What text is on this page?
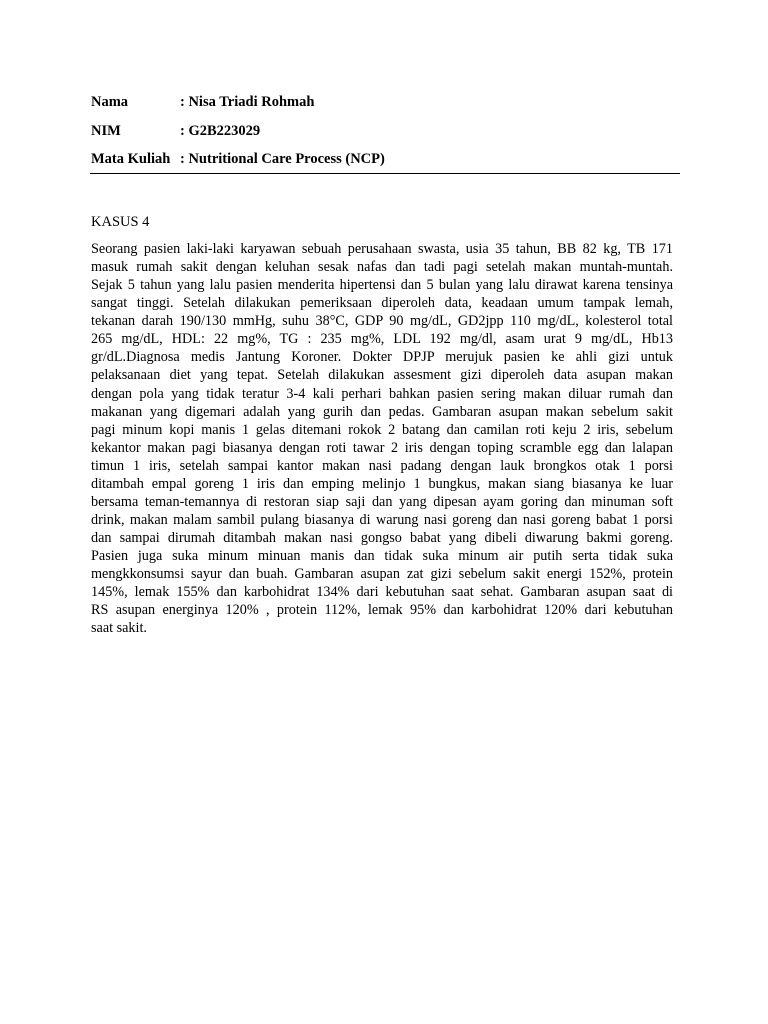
Nama	: Nisa Triadi Rohmah
NIM	: G2B223029
Mata Kuliah : Nutritional Care Process (NCP)
KASUS 4
Seorang pasien laki-laki karyawan sebuah perusahaan swasta, usia 35 tahun, BB 82 kg, TB 171
masuk rumah sakit dengan keluhan sesak nafas dan tadi pagi setelah makan muntah-muntah.
Sejak 5 tahun yang lalu pasien menderita hipertensi dan 5 bulan yang lalu dirawat karena tensinya
sangat tinggi. Setelah dilakukan pemeriksaan diperoleh data, keadaan umum tampak lemah,
tekanan darah 190/130 mmHg, suhu 38°C, GDP 90 mg/dL, GD2jpp 110 mg/dL, kolesterol total
265 mg/dL, HDL: 22 mg%, TG : 235 mg%, LDL 192 mg/dl, asam urat 9 mg/dL, Hb13
gr/dL.Diagnosa medis Jantung Koroner. Dokter DPJP merujuk pasien ke ahli gizi untuk
pelaksanaan diet yang tepat. Setelah dilakukan assesment gizi diperoleh data asupan makan
dengan pola yang tidak teratur 3-4 kali perhari bahkan pasien sering makan diluar rumah dan
makanan yang digemari adalah yang gurih dan pedas. Gambaran asupan makan sebelum sakit
pagi minum kopi manis 1 gelas ditemani rokok 2 batang dan camilan roti keju 2 iris, sebelum
kekantor makan pagi biasanya dengan roti tawar 2 iris dengan toping scramble egg dan lalapan
timun 1 iris, setelah sampai kantor makan nasi padang dengan lauk brongkos otak 1 porsi
ditambah empal goreng 1 iris dan emping melinjo 1 bungkus, makan siang biasanya ke luar
bersama teman-temannya di restoran siap saji dan yang dipesan ayam goring dan minuman soft
drink, makan malam sambil pulang biasanya di warung nasi goreng dan nasi goreng babat 1 porsi
dan sampai dirumah ditambah makan nasi gongso babat yang dibeli diwarung bakmi goreng.
Pasien juga suka minum minuan manis dan tidak suka minum air putih serta tidak suka
mengkkonsumsi sayur dan buah. Gambaran asupan zat gizi sebelum sakit energi 152%, protein
145%, lemak 155% dan karbohidrat 134% dari kebutuhan saat sehat. Gambaran asupan saat di
RS asupan energinya 120% , protein 112%, lemak 95% dan karbohidrat 120% dari kebutuhan
saat sakit.
